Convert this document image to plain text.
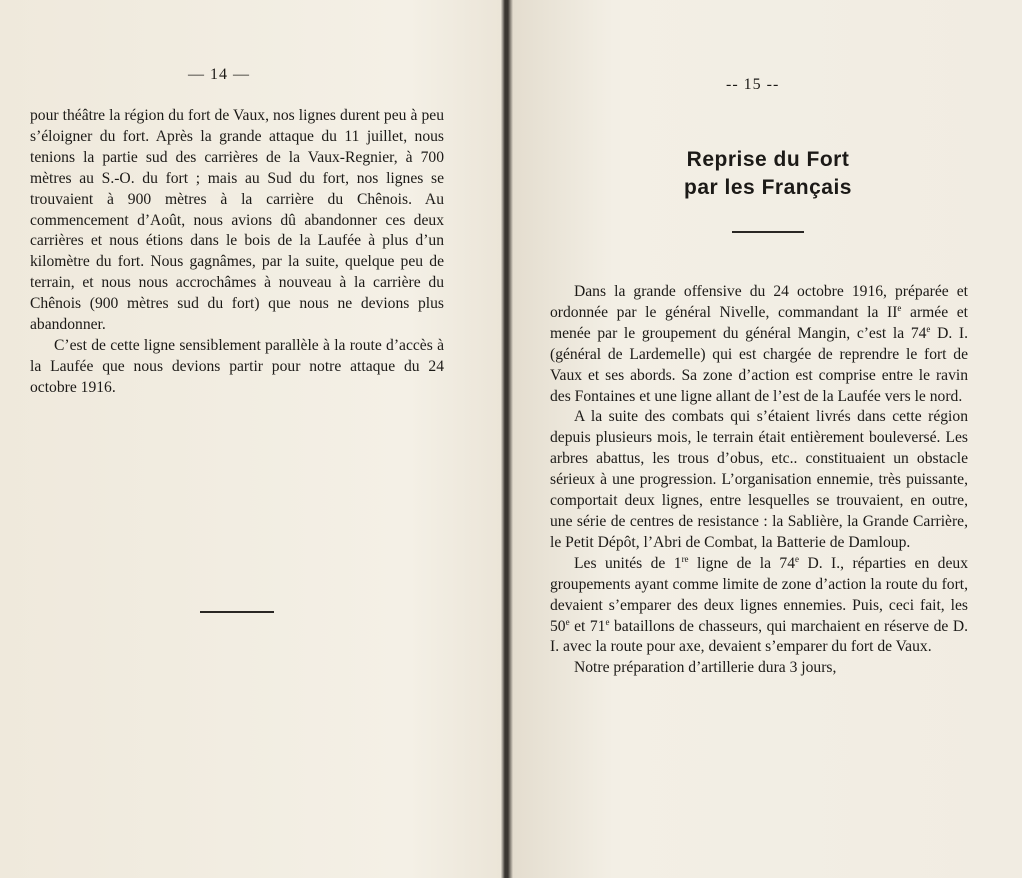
— 14 —

pour théâtre la région du fort de Vaux, nos lignes durent peu à peu s’éloigner du fort. Après la grande attaque du 11 juillet, nous tenions la partie sud des carrières de la Vaux-Regnier, à 700 mètres au S.-O. du fort ; mais au Sud du fort, nos lignes se trouvaient à 900 mètres à la carrière du Chênois. Au commencement d’Août, nous avions dû abandonner ces deux carrières et nous étions dans le bois de la Laufée à plus d’un kilomètre du fort. Nous gagnâmes, par la suite, quelque peu de terrain, et nous nous accrochâmes à nouveau à la carrière du Chênois (900 mètres sud du fort) que nous ne devions plus abandonner.

C’est de cette ligne sensiblement parallèle à la route d’accès à la Laufée que nous devions partir pour notre attaque du 24 octobre 1916.

-- 15 --
Reprise du Fort
par les Français

Dans la grande offensive du 24 octobre 1916, préparée et ordonnée par le général Nivelle, commandant la IIe armée et menée par le groupement du général Mangin, c’est la 74e D. I. (général de Lardemelle) qui est chargée de reprendre le fort de Vaux et ses abords. Sa zone d’action est comprise entre le ravin des Fontaines et une ligne allant de l’est de la Laufée vers le nord.

A la suite des combats qui s’étaient livrés dans cette région depuis plusieurs mois, le terrain était entièrement bouleversé. Les arbres abattus, les trous d’obus, etc.. constituaient un obstacle sérieux à une progression. L’organisation ennemie, très puissante, comportait deux lignes, entre lesquelles se trouvaient, en outre, une série de centres de resistance : la Sablière, la Grande Carrière, le Petit Dépôt, l’Abri de Combat, la Batterie de Damloup.

Les unités de 1re ligne de la 74e D. I., réparties en deux groupements ayant comme limite de zone d’action la route du fort, devaient s’emparer des deux lignes ennemies. Puis, ceci fait, les 50e et 71e bataillons de chasseurs, qui marchaient en réserve de D. I. avec la route pour axe, devaient s’emparer du fort de Vaux.

Notre préparation d’artillerie dura 3 jours,
